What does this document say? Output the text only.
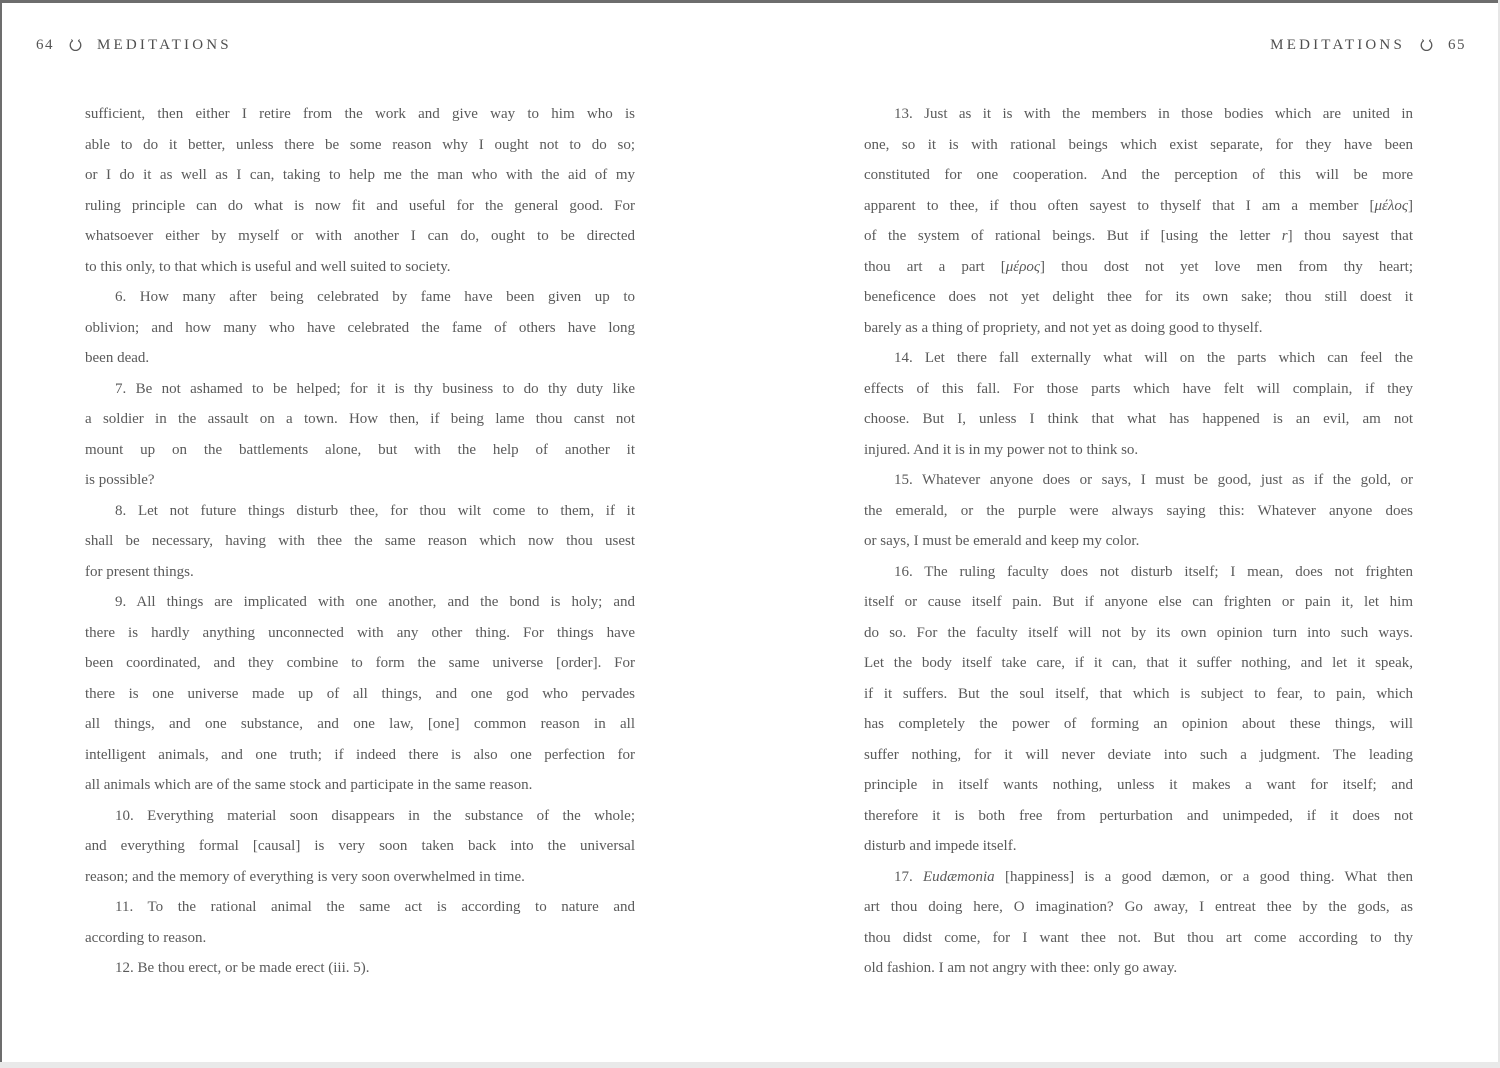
64	MEDITATIONS	MEDITATIONS	65
sufficient, then either I retire from the work and give way to him who is
able to do it better, unless there be some reason why I ought not to do so;
or I do it as well as I can, taking to help me the man who with the aid of my
ruling principle can do what is now fit and useful for the general good. For
whatsoever either by myself or with another I can do, ought to be directed
to this only, to that which is useful and well suited to society.
6. How many after being celebrated by fame have been given up to
oblivion; and how many who have celebrated the fame of others have long
been dead.
7. Be not ashamed to be helped; for it is thy business to do thy duty like
a soldier in the assault on a town. How then, if being lame thou canst not
mount up on the battlements alone, but with the help of another it
is possible?
8. Let not future things disturb thee, for thou wilt come to them, if it
shall be necessary, having with thee the same reason which now thou usest
for present things.
9. All things are implicated with one another, and the bond is holy; and
there is hardly anything unconnected with any other thing. For things have
been coordinated, and they combine to form the same universe [order]. For
there is one universe made up of all things, and one god who pervades
all things, and one substance, and one law, [one] common reason in all
intelligent animals, and one truth; if indeed there is also one perfection for
all animals which are of the same stock and participate in the same reason.
10. Everything material soon disappears in the substance of the whole;
and everything formal [causal] is very soon taken back into the universal
reason; and the memory of everything is very soon overwhelmed in time.
11. To the rational animal the same act is according to nature and
according to reason.
12. Be thou erect, or be made erect (iii. 5).
13. Just as it is with the members in those bodies which are united in
one, so it is with rational beings which exist separate, for they have been
constituted for one cooperation. And the perception of this will be more
apparent to thee, if thou often sayest to thyself that I am a member [μέλος]
of the system of rational beings. But if [using the letter r] thou sayest that
thou art a part [μέρος] thou dost not yet love men from thy heart;
beneficence does not yet delight thee for its own sake; thou still doest it
barely as a thing of propriety, and not yet as doing good to thyself.
14. Let there fall externally what will on the parts which can feel the
effects of this fall. For those parts which have felt will complain, if they
choose. But I, unless I think that what has happened is an evil, am not
injured. And it is in my power not to think so.
15. Whatever anyone does or says, I must be good, just as if the gold, or
the emerald, or the purple were always saying this: Whatever anyone does
or says, I must be emerald and keep my color.
16. The ruling faculty does not disturb itself; I mean, does not frighten
itself or cause itself pain. But if anyone else can frighten or pain it, let him
do so. For the faculty itself will not by its own opinion turn into such ways.
Let the body itself take care, if it can, that it suffer nothing, and let it speak,
if it suffers. But the soul itself, that which is subject to fear, to pain, which
has completely the power of forming an opinion about these things, will
suffer nothing, for it will never deviate into such a judgment. The leading
principle in itself wants nothing, unless it makes a want for itself; and
therefore it is both free from perturbation and unimpeded, if it does not
disturb and impede itself.
17. Eudæmonia [happiness] is a good dæmon, or a good thing. What then
art thou doing here, O imagination? Go away, I entreat thee by the gods, as
thou didst come, for I want thee not. But thou art come according to thy
old fashion. I am not angry with thee: only go away.
